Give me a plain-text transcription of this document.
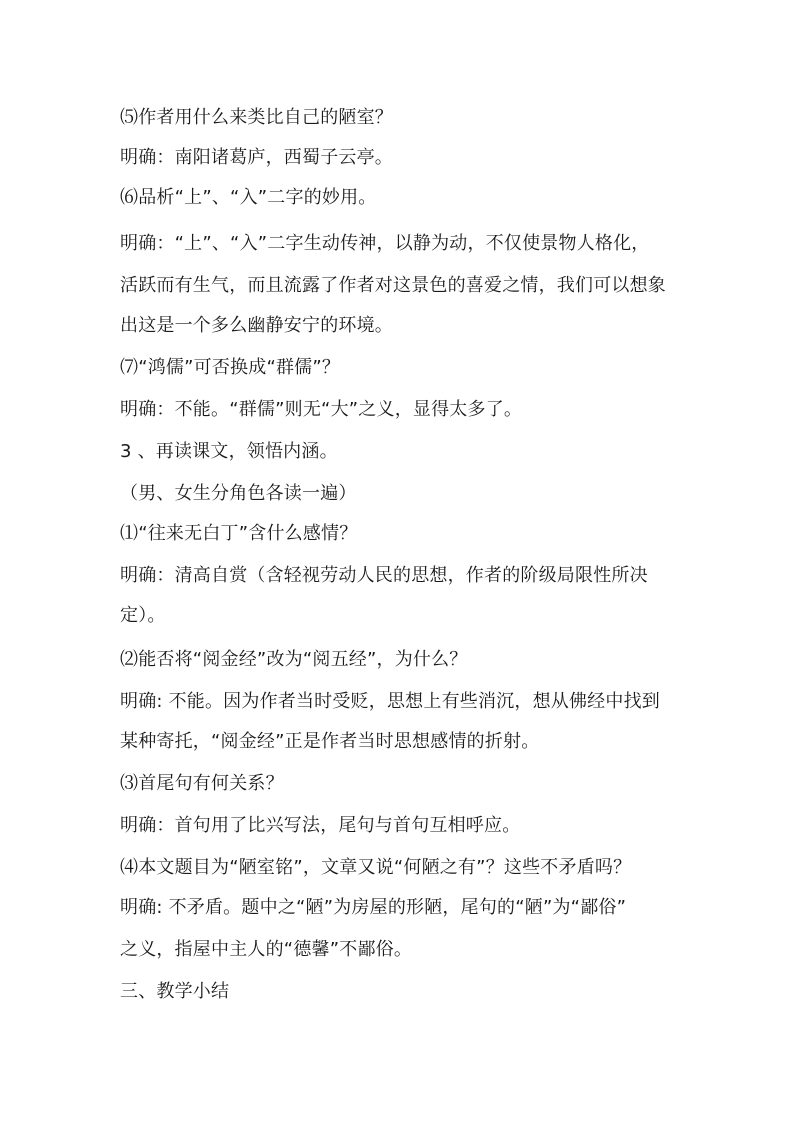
⑸作者用什么来类比自己的陋室？
明确：南阳诸葛庐，西蜀子云亭。
⑹品析“上”、“入”二字的妙用。
明确：“上”、“入”二字生动传神，以静为动，不仅使景物人格化，
活跃而有生气，而且流露了作者对这景色的喜爱之情，我们可以想象
出这是一个多么幽静安宁的环境。
⑺“鸿儒”可否换成“群儒”？
明确：不能。“群儒”则无“大”之义，显得太多了。
3 、再读课文，领悟内涵。
（男、女生分角色各读一遍）
⑴“往来无白丁”含什么感情？
明确：清高自赏（含轻视劳动人民的思想，作者的阶级局限性所决
定）。
⑵能否将“阅金经”改为“阅五经”，为什么？
明确: 不能。因为作者当时受贬，思想上有些消沉，想从佛经中找到
某种寄托，“阅金经”正是作者当时思想感情的折射。
⑶首尾句有何关系？
明确：首句用了比兴写法，尾句与首句互相呼应。
⑷本文题目为“陋室铭”，文章又说“何陋之有”？这些不矛盾吗？
明确: 不矛盾。题中之“陋”为房屋的形陋，尾句的“陋”为“鄙俗”
之义，指屋中主人的“德馨”不鄙俗。
三、教学小结
